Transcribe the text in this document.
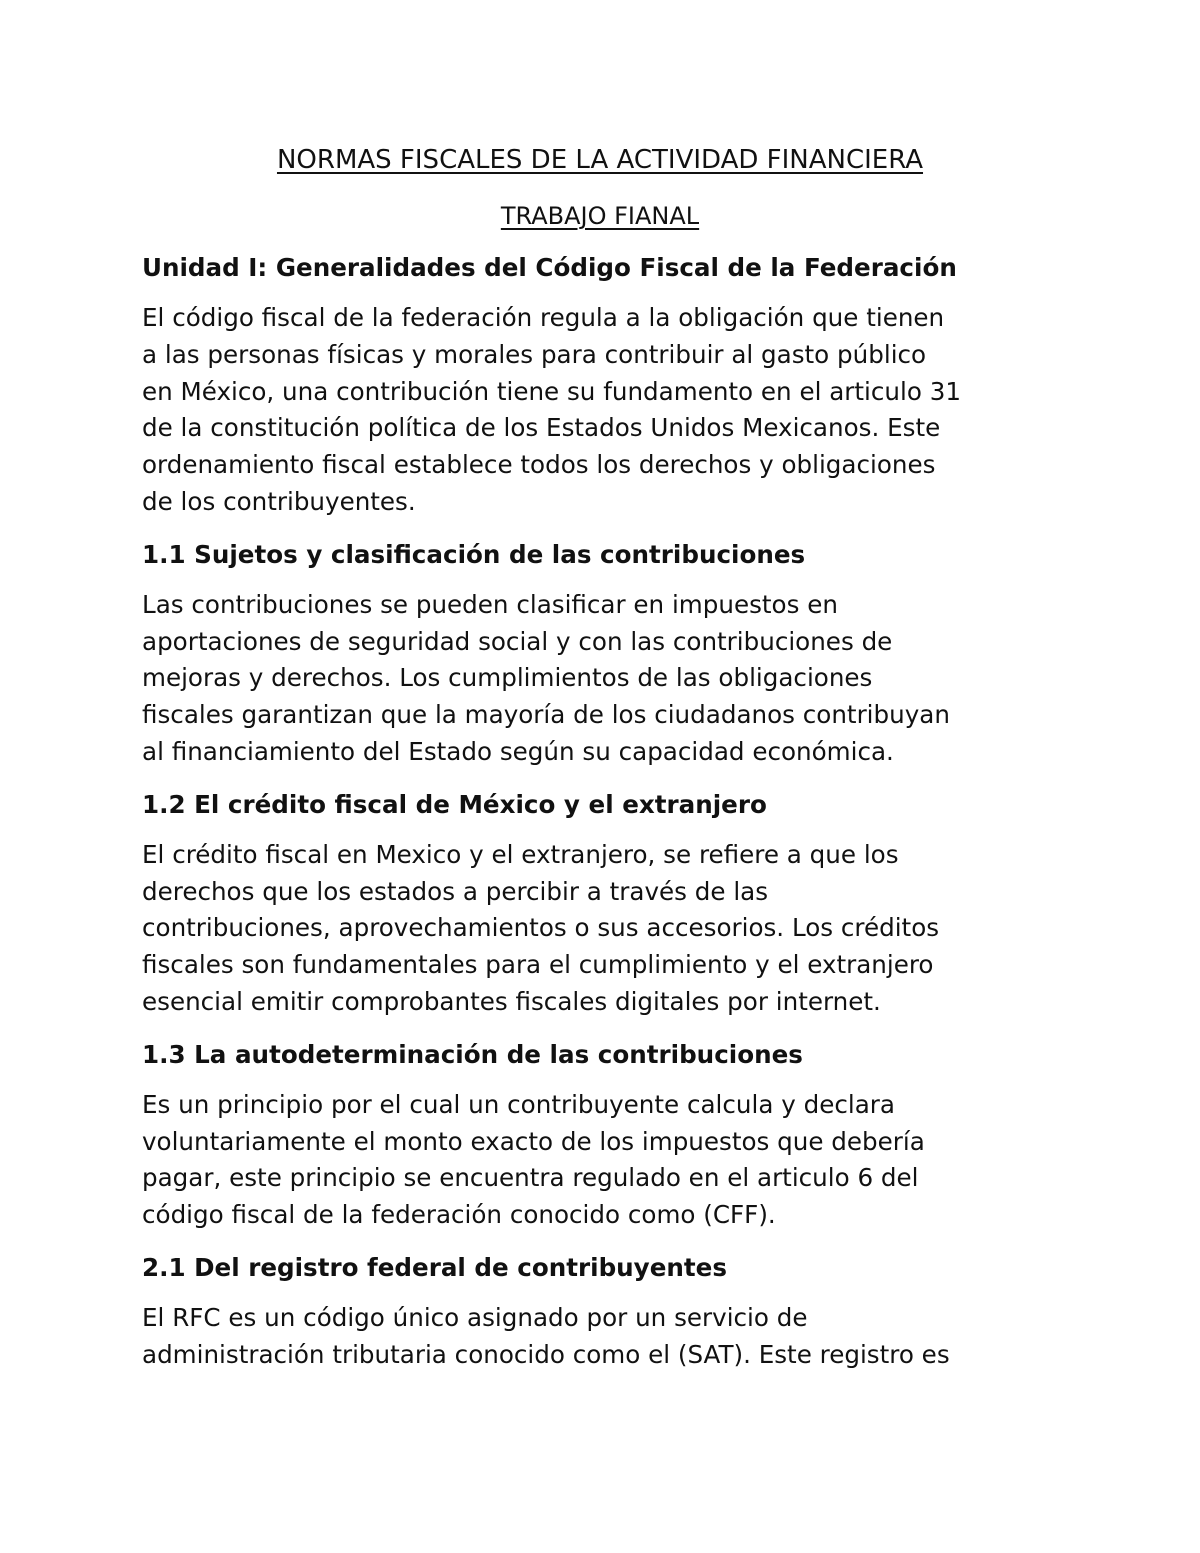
NORMAS FISCALES DE LA ACTIVIDAD FINANCIERA
TRABAJO FIANAL
Unidad I: Generalidades del Código Fiscal de la Federación

El código fiscal de la federación regula a la obligación que tienen
a las personas físicas y morales para contribuir al gasto público
en México, una contribución tiene su fundamento en el articulo 31
de la constitución política de los Estados Unidos Mexicanos. Este
ordenamiento fiscal establece todos los derechos y obligaciones
de los contribuyentes.

1.1 Sujetos y clasificación de las contribuciones

Las contribuciones se pueden clasificar en impuestos en
aportaciones de seguridad social y con las contribuciones de
mejoras y derechos. Los cumplimientos de las obligaciones
fiscales garantizan que la mayoría de los ciudadanos contribuyan
al financiamiento del Estado según su capacidad económica.

1.2 El crédito fiscal de México y el extranjero

El crédito fiscal en Mexico y el extranjero, se refiere a que los
derechos que los estados a percibir a través de las
contribuciones, aprovechamientos o sus accesorios. Los créditos
fiscales son fundamentales para el cumplimiento y el extranjero
esencial emitir comprobantes fiscales digitales por internet.

1.3 La autodeterminación de las contribuciones

Es un principio por el cual un contribuyente calcula y declara
voluntariamente el monto exacto de los impuestos que debería
pagar, este principio se encuentra regulado en el articulo 6 del
código fiscal de la federación conocido como (CFF).

2.1 Del registro federal de contribuyentes

El RFC es un código único asignado por un servicio de
administración tributaria conocido como el (SAT). Este registro es
